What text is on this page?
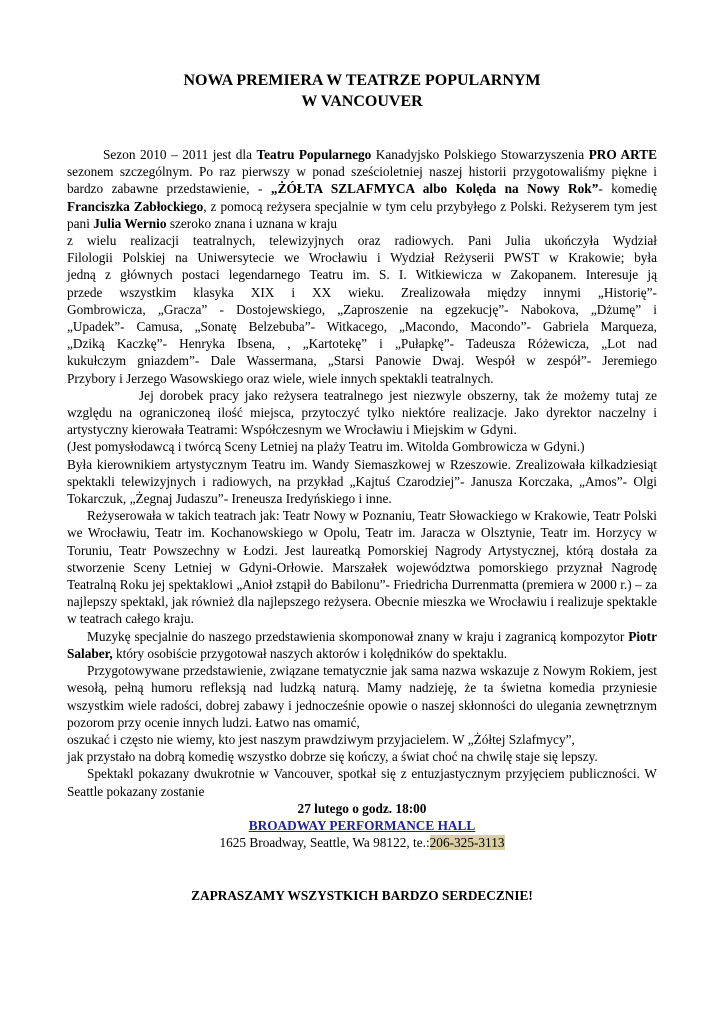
NOWA PREMIERA W TEATRZE POPULARNYM
W VANCOUVER

Sezon 2010 – 2011 jest dla Teatru Popularnego Kanadyjsko Polskiego Stowarzyszenia PRO ARTE sezonem szczególnym. Po raz pierwszy w ponad sześcioletniej naszej historii przygotowaliśmy piękne i bardzo zabawne przedstawienie, - „ŻÓŁTA SZLAFMYCA albo Kolęda na Nowy Rok”- komedię Franciszka Zabłockiego, z pomocą reżysera specjalnie w tym celu przybyłego z Polski. Reżyserem tym jest pani Julia Wernio szeroko znana i uznana w kraju

z wielu realizacji teatralnych, telewizyjnych oraz radiowych. Pani Julia ukończyła Wydział
Filologii Polskiej na Uniwersytecie we Wrocławiu i Wydział Reżyserii PWST w Krakowie; była
jedną z głównych postaci legendarnego Teatru im. S. I. Witkiewicza w Zakopanem. Interesuje ją
przede wszystkim klasyka XIX i XX wieku. Zrealizowała między innymi „Historię”-
Gombrowicza, „Gracza” - Dostojewskiego, „Zaproszenie na egzekucję”- Nabokova, „Dżumę” i
„Upadek”- Camusa, „Sonatę Belzebuba”- Witkacego, „Macondo, Macondo”- Gabriela Marqueza,
„Dziką Kaczkę”- Henryka Ibsena, , „Kartotekę” i „Pułapkę”- Tadeusza Różewicza, „Lot nad
kukułczym gniazdem”- Dale Wassermana, „Starsi Panowie Dwaj. Wespół w zespół”- Jeremiego
Przybory i Jerzego Wasowskiego oraz wiele, wiele innych spektakli teatralnych.

Jej dorobek pracy jako reżysera teatralnego jest niezwyle obszerny, tak że możemy tutaj ze względu na ograniczoneą ilość miejsca, przytoczyć tylko niektóre realizacje. Jako dyrektor naczelny i artystyczny kierowała Teatrami: Współczesnym we Wrocławiu i Miejskim w Gdyni.

(Jest pomysłodawcą i twórcą Sceny Letniej na plaży Teatru im. Witolda Gombrowicza w Gdyni.)

Była kierownikiem artystycznym Teatru im. Wandy Siemaszkowej w Rzeszowie. Zrealizowała kilkadziesiąt spektakli telewizyjnych i radiowych, na przykład „Kajtuś Czarodziej”- Janusza Korczaka, „Amos”- Olgi Tokarczuk, „Żegnaj Judaszu”- Ireneusza Iredyńskiego i inne.

Reżyserowała w takich teatrach jak: Teatr Nowy w Poznaniu, Teatr Słowackiego w Krakowie, Teatr Polski we Wrocławiu, Teatr im. Kochanowskiego w Opolu, Teatr im. Jaracza w Olsztynie, Teatr im. Horzycy w Toruniu, Teatr Powszechny w Łodzi. Jest laureatką Pomorskiej Nagrody Artystycznej, którą dostała za stworzenie Sceny Letniej w Gdyni-Orłowie. Marszałek województwa pomorskiego przyznał Nagrodę Teatralną Roku jej spektaklowi „Anioł zstąpił do Babilonu”- Friedricha Durrenmatta (premiera w 2000 r.) – za najlepszy spektakl, jak również dla najlepszego reżysera. Obecnie mieszka we Wrocławiu i realizuje spektakle w teatrach całego kraju.

Muzykę specjalnie do naszego przedstawienia skomponował znany w kraju i zagranicą kompozytor Piotr Salaber, który osobiście przygotował naszych aktorów i kolędników do spektaklu.

Przygotowywane przedstawienie, związane tematycznie jak sama nazwa wskazuje z Nowym Rokiem, jest wesołą, pełną humoru refleksją nad ludzką naturą. Mamy nadzieję, że ta świetna komedia przyniesie wszystkim wiele radości, dobrej zabawy i jednocześnie opowie o naszej skłonności do ulegania zewnętrznym pozorom przy ocenie innych ludzi. Łatwo nas omamić,

oszukać i często nie wiemy, kto jest naszym prawdziwym przyjacielem. W „Żółtej Szlafmycy”,

jak przystało na dobrą komedię wszystko dobrze się kończy, a świat choć na chwilę staje się lepszy.

Spektakl pokazany dwukrotnie w Vancouver, spotkał się z entuzjastycznym przyjęciem publiczności. W Seattle pokazany zostanie

27 lutego o godz. 18:00
BROADWAY PERFORMANCE HALL
1625 Broadway, Seattle, Wa 98122, te.:206-325-3113
ZAPRASZAMY WSZYSTKICH BARDZO SERDECZNIE!
